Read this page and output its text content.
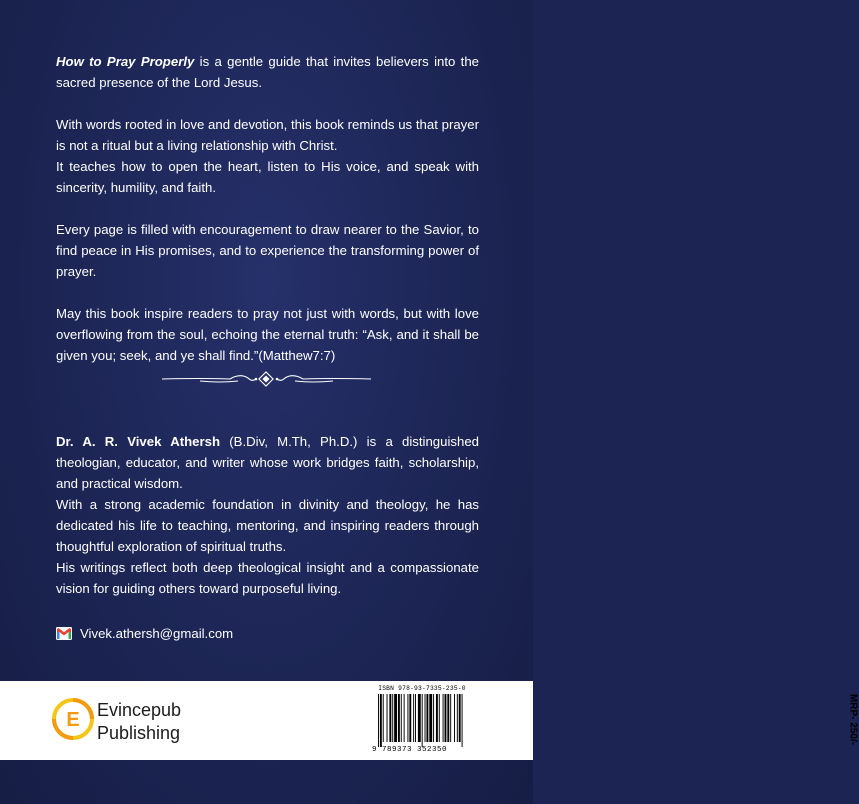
How to Pray Properly is a gentle guide that invites believers into the sacred presence of the Lord Jesus.

With words rooted in love and devotion, this book reminds us that prayer is not a ritual but a living relationship with Christ.

It teaches how to open the heart, listen to His voice, and speak with sincerity, humility, and faith.

Every page is filled with encouragement to draw nearer to the Savior, to find peace in His promises, and to experience the transforming power of prayer.

May this book inspire readers to pray not just with words, but with love overflowing from the soul, echoing the eternal truth: “Ask, and it shall be given you; seek, and ye shall find.”(Matthew7:7)

Dr. A. R. Vivek Athersh (B.Div, M.Th, Ph.D.) is a distinguished theologian, educator, and writer whose work bridges faith, scholarship, and practical wisdom.

With a strong academic foundation in divinity and theology, he has dedicated his life to teaching, mentoring, and inspiring readers through thoughtful exploration of spiritual truths.

His writings reflect both deep theological insight and a compassionate vision for guiding others toward purposeful living.

Vivek.athersh@gmail.com
E Evincepub
Publishing
ISBN 978-93-7335-235-0
9 789373 352350
MRP- 250/-
